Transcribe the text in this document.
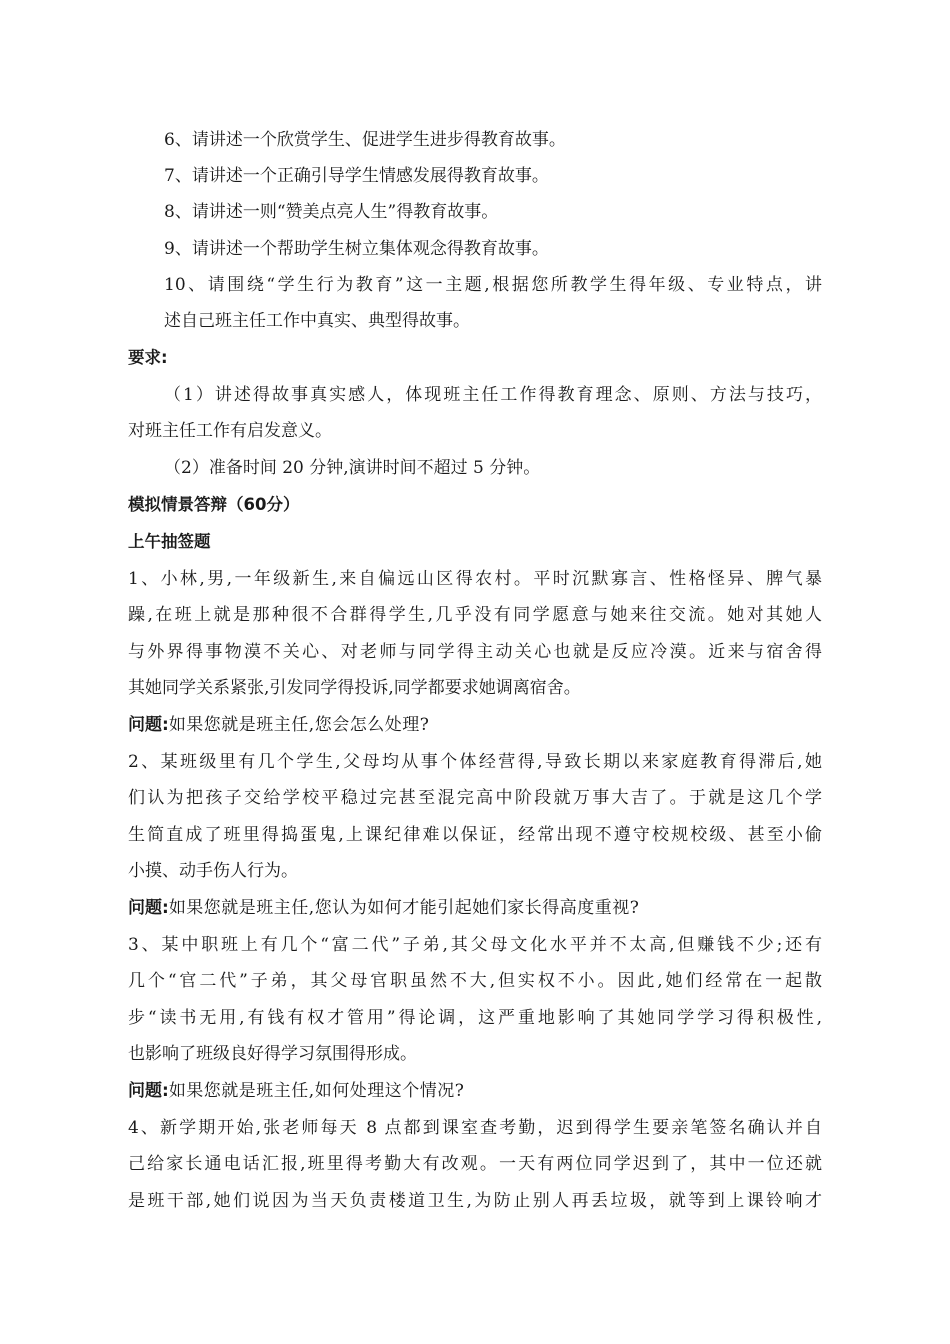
6、请讲述一个欣赏学生、促进学生进步得教育故事。
7、请讲述一个正确引导学生情感发展得教育故事。
8、请讲述一则“赞美点亮人生”得教育故事。
9、请讲述一个帮助学生树立集体观念得教育故事。
10、请围绕“学生行为教育”这一主题,根据您所教学生得年级、专业特点，讲
述自己班主任工作中真实、典型得故事。
要求:
（1）讲述得故事真实感人，体现班主任工作得教育理念、原则、方法与技巧，
对班主任工作有启发意义。
（2）准备时间 20 分钟,演讲时间不超过 5 分钟。
模拟情景答辩（60分）
上午抽签题
1、小林,男,一年级新生,来自偏远山区得农村。平时沉默寡言、性格怪异、脾气暴
躁,在班上就是那种很不合群得学生,几乎没有同学愿意与她来往交流。她对其她人
与外界得事物漠不关心、对老师与同学得主动关心也就是反应冷漠。近来与宿舍得
其她同学关系紧张,引发同学得投诉,同学都要求她调离宿舍。
问题:如果您就是班主任,您会怎么处理?
2、某班级里有几个学生,父母均从事个体经营得,导致长期以来家庭教育得滞后,她
们认为把孩子交给学校平稳过完甚至混完高中阶段就万事大吉了。于就是这几个学
生简直成了班里得捣蛋鬼,上课纪律难以保证，经常出现不遵守校规校级、甚至小偷
小摸、动手伤人行为。
问题:如果您就是班主任,您认为如何才能引起她们家长得高度重视?
3、某中职班上有几个“富二代”子弟,其父母文化水平并不太高,但赚钱不少;还有
几个“官二代”子弟，其父母官职虽然不大,但实权不小。因此,她们经常在一起散
步“读书无用,有钱有权才管用”得论调，这严重地影响了其她同学学习得积极性,
也影响了班级良好得学习氛围得形成。
问题:如果您就是班主任,如何处理这个情况?
4、新学期开始,张老师每天 8 点都到课室查考勤，迟到得学生要亲笔签名确认并自
己给家长通电话汇报,班里得考勤大有改观。一天有两位同学迟到了，其中一位还就
是班干部,她们说因为当天负责楼道卫生,为防止别人再丢垃圾，就等到上课铃响才
